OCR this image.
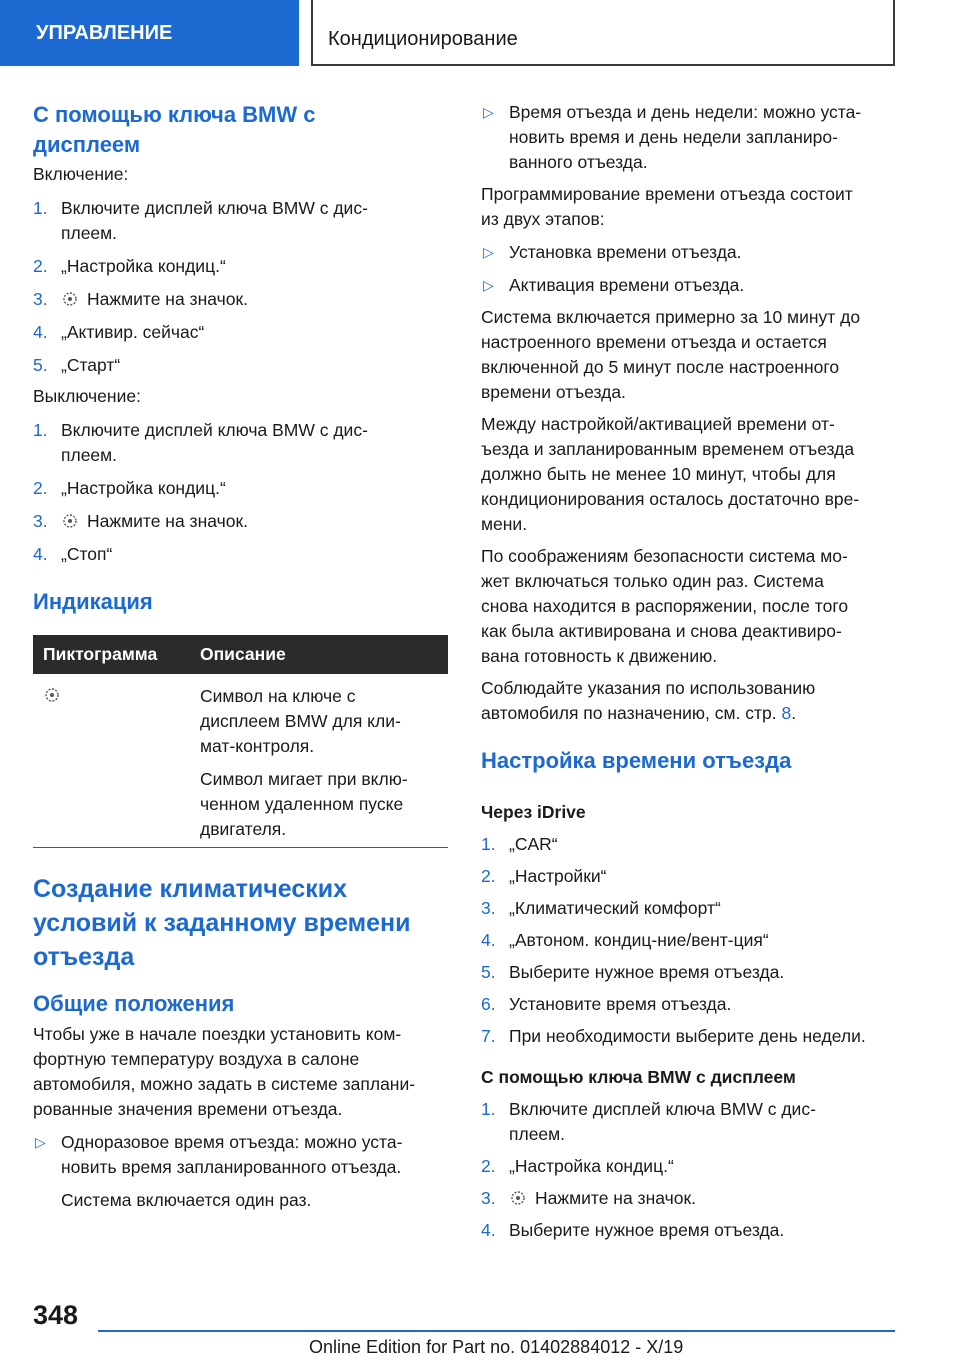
УПРАВЛЕНИЕ	Кондиционирование
С помощью ключа BMW с дисплеем

Включение:

1. Включите дисплей ключа BMW с дис-
плеем.
2. „Настройка кондиц.“
3. Нажмите на значок.
4. „Активир. сейчас“
5. „Старт“

Выключение:

1. Включите дисплей ключа BMW с дис-
плеем.
2. „Настройка кондиц.“
3. Нажмите на значок.
4. „Стоп“
Индикация
Пиктограмма Описание

Символ на ключе с

дисплеем BMW для кли-

мат-контроля.

Символ мигает при вклю-

ченном удаленном пуске

двигателя.

Создание климатических
условий к заданному времени
отъезда
Общие положения

Чтобы уже в начале поездки установить ком-

фортную температуру воздуха в салоне

автомобиля, можно задать в системе заплани-

рованные значения времени отъезда.

▷ Одноразовое время отъезда: можно уста-
новить время запланированного отъезда.

Система включается один раз.

▷ Время отъезда и день недели: можно уста-
новить время и день недели запланиро-
ванного отъезда.

Программирование времени отъезда состоит

из двух этапов:

▷ Установка времени отъезда.
▷ Активация времени отъезда.

Система включается примерно за 10 минут до

настроенного времени отъезда и остается

включенной до 5 минут после настроенного

времени отъезда.

Между настройкой/активацией времени от-

ъезда и запланированным временем отъезда

должно быть не менее 10 минут, чтобы для

кондиционирования осталось достаточно вре-

мени.

По соображениям безопасности система мо-

жет включаться только один раз. Система

снова находится в распоряжении, после того

как была активирована и снова деактивиро-

вана готовность к движению.

Соблюдайте указания по использованию

автомобиля по назначению, см. стр. 8.

Настройка времени отъезда

Через iDrive

1. „CAR“
2. „Настройки“
3. „Климатический комфорт“
4. „Автоном. кондиц-ние/вент-ция“
5. Выберите нужное время отъезда.
6. Установите время отъезда.
7. При необходимости выберите день недели.

С помощью ключа BMW с дисплеем

1. Включите дисплей ключа BMW с дис-
плеем.
2. „Настройка кондиц.“
3. Нажмите на значок.
4. Выберите нужное время отъезда.
348
Online Edition for Part no. 01402884012 - X/19
